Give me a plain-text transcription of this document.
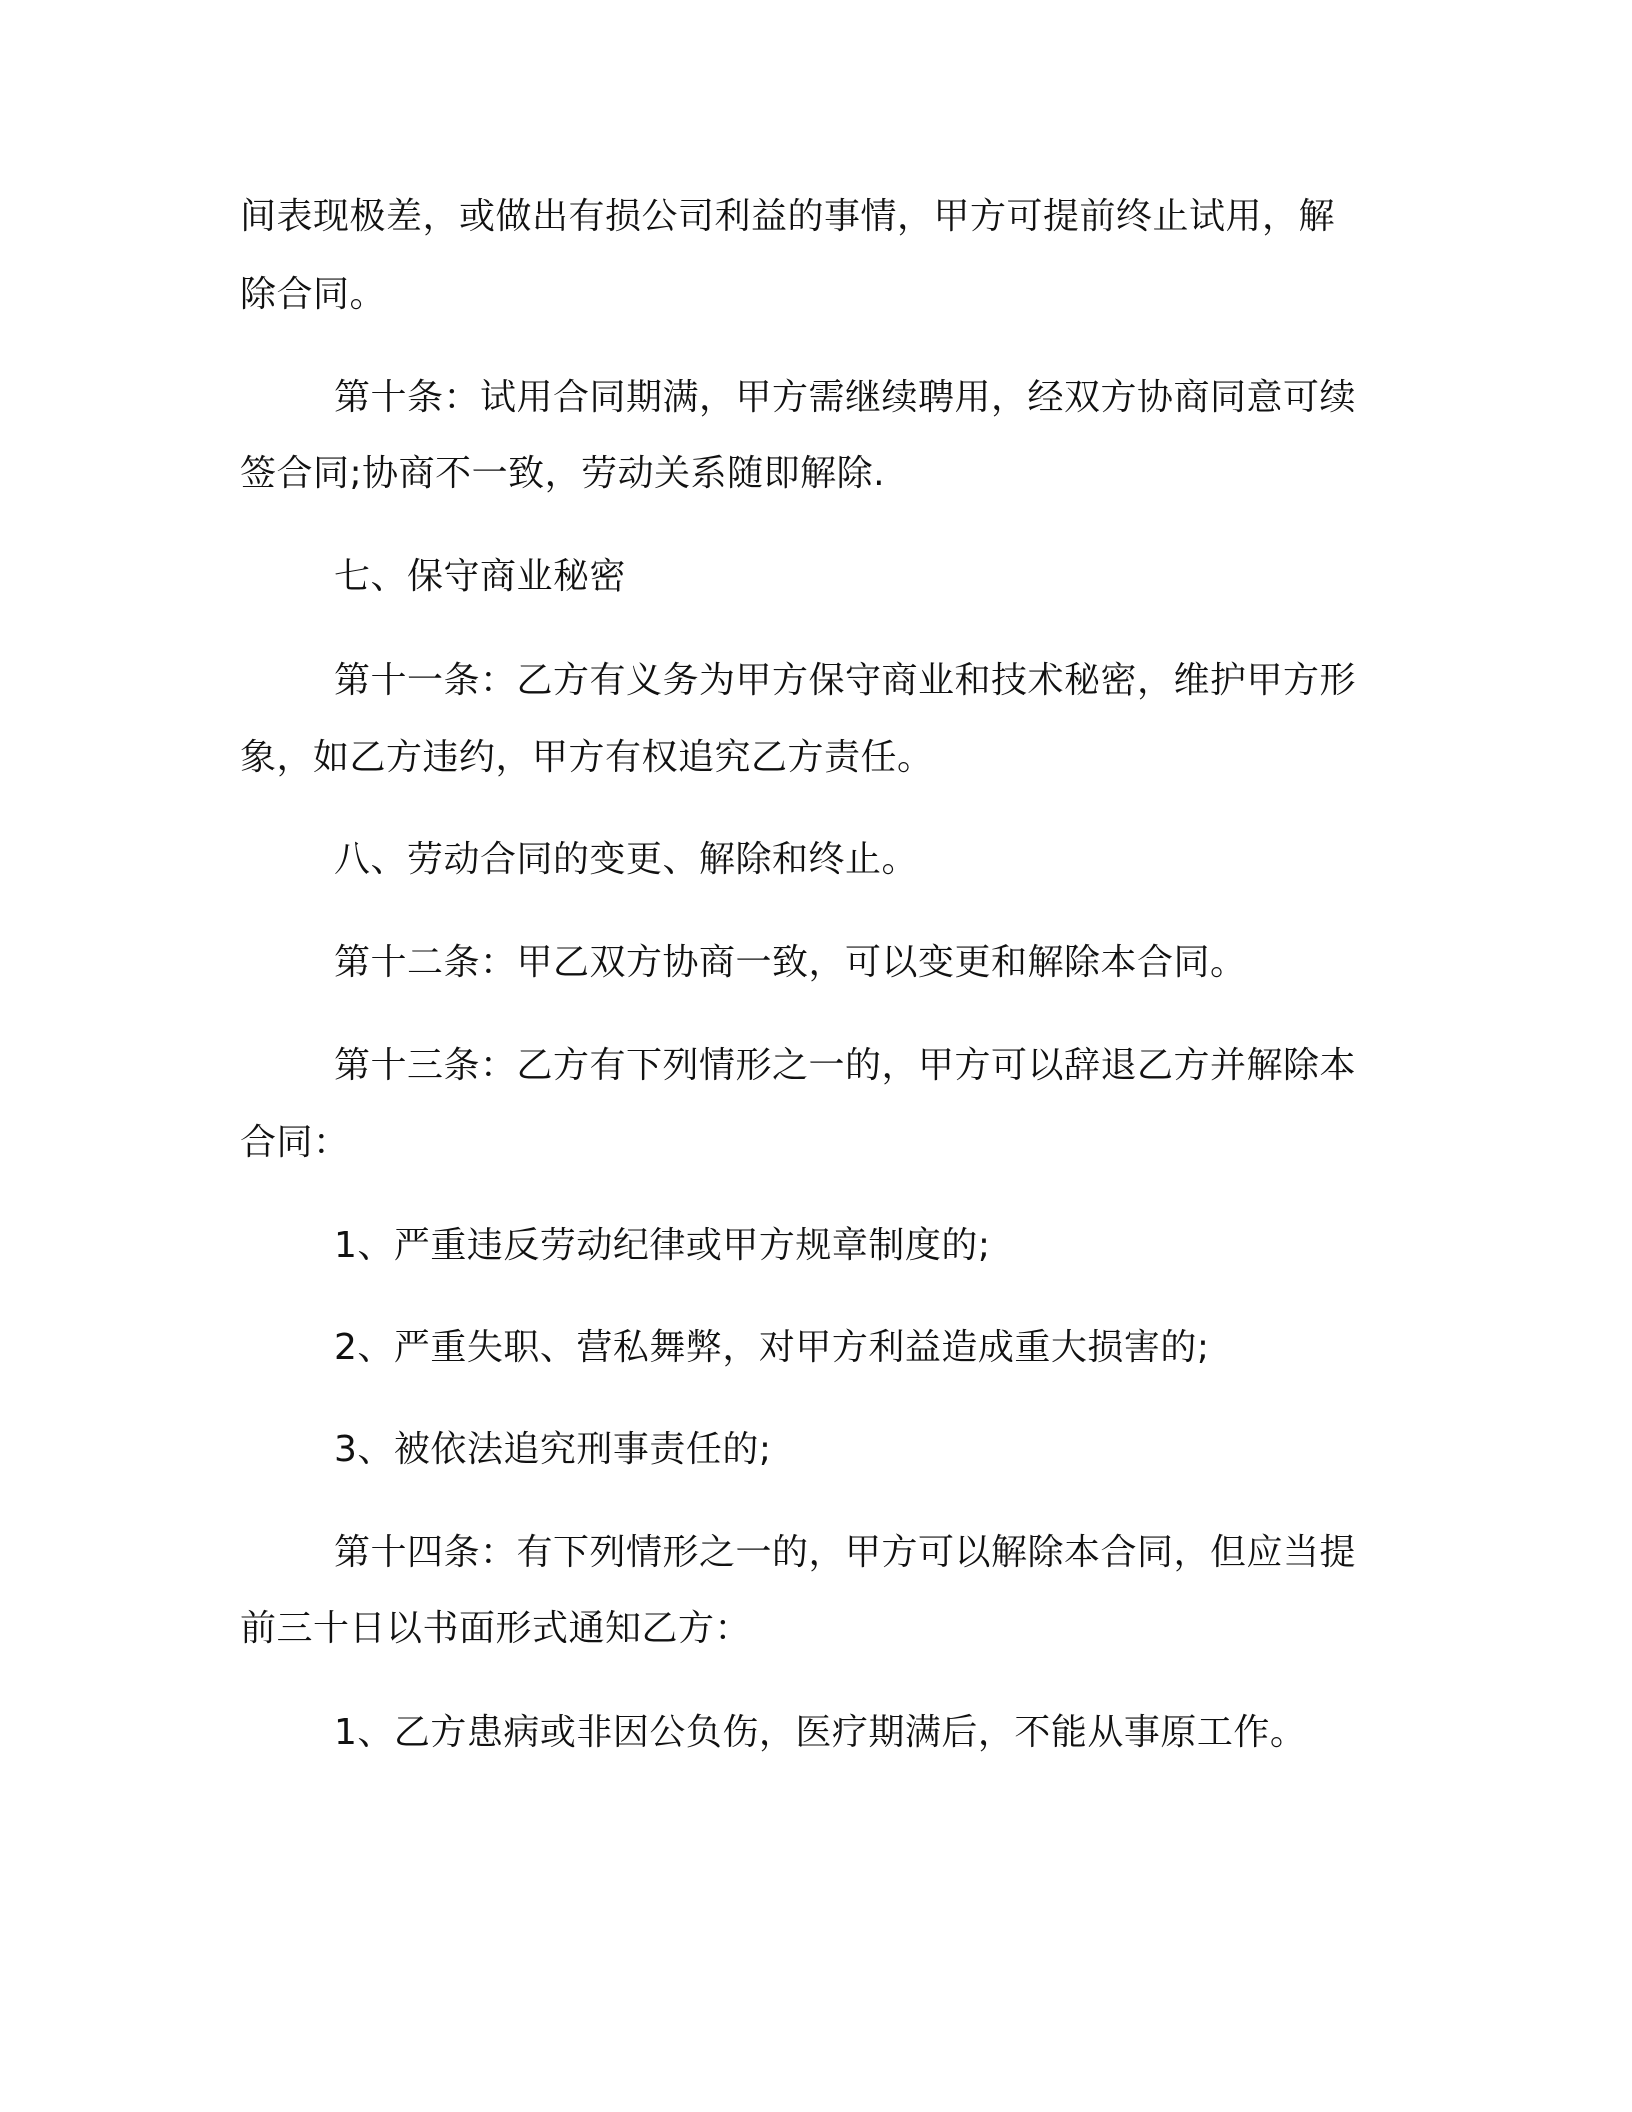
间表现极差，或做出有损公司利益的事情，甲方可提前终止试用，解
除合同。
第十条：试用合同期满，甲方需继续聘用，经双方协商同意可续
签合同;协商不一致，劳动关系随即解除.
七、保守商业秘密
第十一条：乙方有义务为甲方保守商业和技术秘密，维护甲方形
象，如乙方违约，甲方有权追究乙方责任。
八、劳动合同的变更、解除和终止。
第十二条：甲乙双方协商一致，可以变更和解除本合同。
第十三条：乙方有下列情形之一的，甲方可以辞退乙方并解除本
合同：
1、严重违反劳动纪律或甲方规章制度的;
2、严重失职、营私舞弊，对甲方利益造成重大损害的;
3、被依法追究刑事责任的;
第十四条：有下列情形之一的，甲方可以解除本合同，但应当提
前三十日以书面形式通知乙方：
1、乙方患病或非因公负伤，医疗期满后，不能从事原工作。
